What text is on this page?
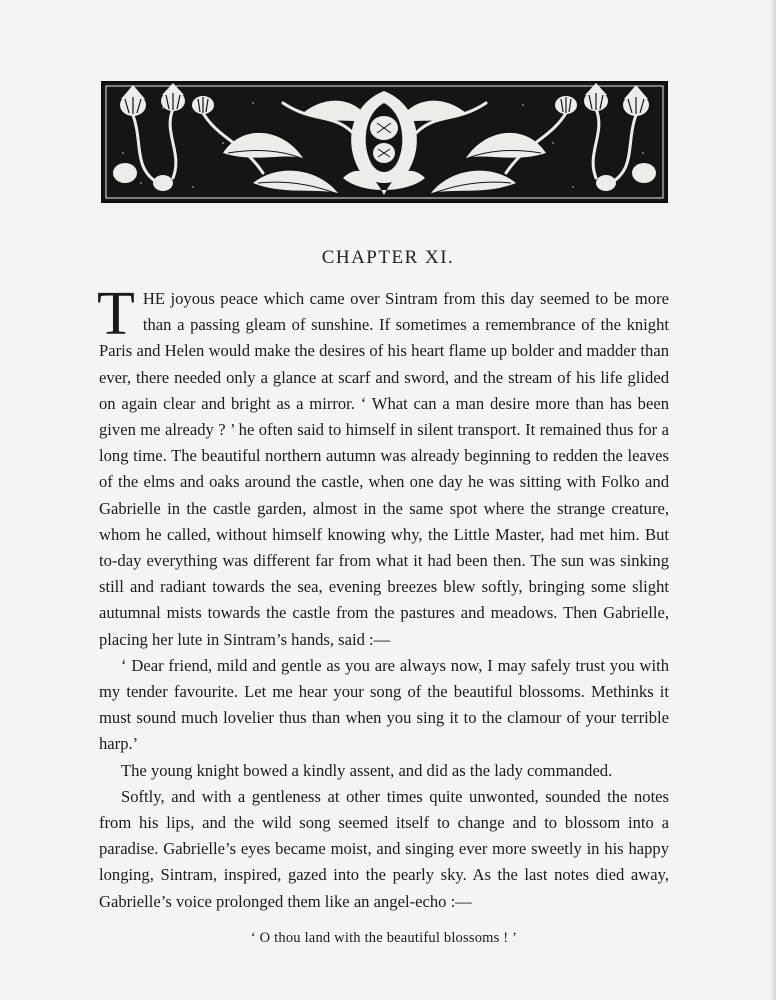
CHAPTER XI.

THE joyous peace which came over Sintram from this day seemed to be more than a passing gleam of sunshine. If sometimes a remembrance of the knight Paris and Helen would make the desires of his heart flame up bolder and madder than ever, there needed only a glance at scarf and sword, and the stream of his life glided on again clear and bright as a mirror. ‘ What can a man desire more than has been given me already ? ’ he often said to himself in silent transport. It remained thus for a long time. The beautiful northern autumn was already beginning to redden the leaves of the elms and oaks around the castle, when one day he was sitting with Folko and Gabrielle in the castle garden, almost in the same spot where the strange creature, whom he called, without himself knowing why, the Little Master, had met him. But to-day everything was different far from what it had been then. The sun was sinking still and radiant towards the sea, evening breezes blew softly, bringing some slight autumnal mists towards the castle from the pastures and meadows. Then Gabrielle, placing her lute in Sintram’s hands, said :—

‘ Dear friend, mild and gentle as you are always now, I may safely trust you with my tender favourite. Let me hear your song of the beautiful blossoms. Methinks it must sound much lovelier thus than when you sing it to the clamour of your terrible harp.’

The young knight bowed a kindly assent, and did as the lady commanded.

Softly, and with a gentleness at other times quite unwonted, sounded the notes from his lips, and the wild song seemed itself to change and to blossom into a paradise. Gabrielle’s eyes became moist, and singing ever more sweetly in his happy longing, Sintram, inspired, gazed into the pearly sky. As the last notes died away, Gabrielle’s voice prolonged them like an angel-echo :—

‘ O thou land with the beautiful blossoms ! ’
